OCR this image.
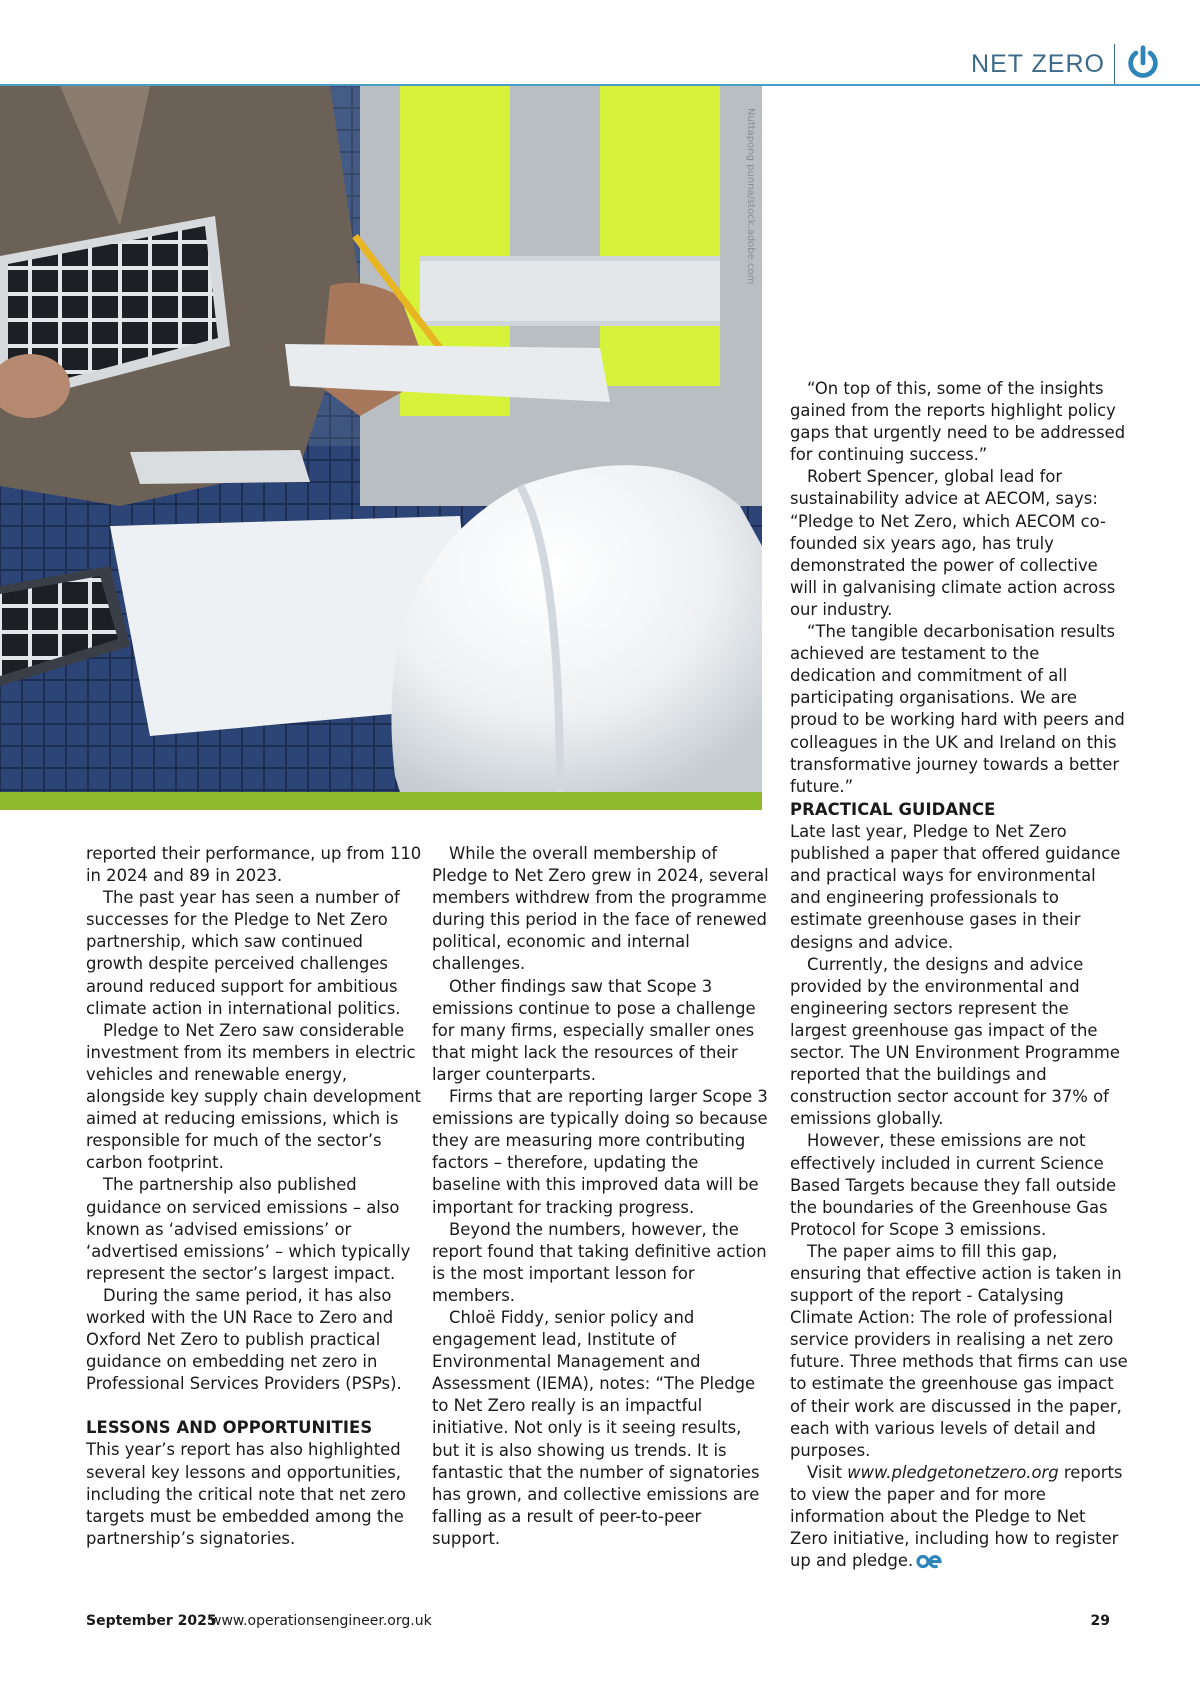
NET ZERO
Nuttapong punna/stock.adobe.com

reported their performance, up from 110 in 2024 and 89 in 2023.

The past year has seen a number of successes for the Pledge to Net Zero partnership, which saw continued growth despite perceived challenges around reduced support for ambitious climate action in international politics.

Pledge to Net Zero saw considerable investment from its members in electric vehicles and renewable energy, alongside key supply chain development aimed at reducing emissions, which is responsible for much of the sector’s carbon footprint.

The partnership also published guidance on serviced emissions – also known as ‘advised emissions’ or ‘advertised emissions’ – which typically represent the sector’s largest impact.

During the same period, it has also worked with the UN Race to Zero and Oxford Net Zero to publish practical guidance on embedding net zero in Professional Services Providers (PSPs).

LESSONS AND OPPORTUNITIES

This year’s report has also highlighted several key lessons and opportunities, including the critical note that net zero targets must be embedded among the partnership’s signatories.

While the overall membership of Pledge to Net Zero grew in 2024, several members withdrew from the programme during this period in the face of renewed political, economic and internal challenges.

Other findings saw that Scope 3 emissions continue to pose a challenge for many firms, especially smaller ones that might lack the resources of their larger counterparts.

Firms that are reporting larger Scope 3 emissions are typically doing so because they are measuring more contributing factors – therefore, updating the baseline with this improved data will be important for tracking progress.

Beyond the numbers, however, the report found that taking definitive action is the most important lesson for members.

Chloë Fiddy, senior policy and engagement lead, Institute of Environmental Management and Assessment (IEMA), notes: “The Pledge to Net Zero really is an impactful initiative. Not only is it seeing results, but it is also showing us trends. It is fantastic that the number of signatories has grown, and collective emissions are falling as a result of peer-to-peer support.

“On top of this, some of the insights gained from the reports highlight policy gaps that urgently need to be addressed for continuing success.”

Robert Spencer, global lead for sustainability advice at AECOM, says: “Pledge to Net Zero, which AECOM co-founded six years ago, has truly demonstrated the power of collective will in galvanising climate action across our industry.

“The tangible decarbonisation results achieved are testament to the dedication and commitment of all participating organisations. We are proud to be working hard with peers and colleagues in the UK and Ireland on this transformative journey towards a better future.”

PRACTICAL GUIDANCE

Late last year, Pledge to Net Zero published a paper that offered guidance and practical ways for environmental and engineering professionals to estimate greenhouse gases in their designs and advice.

Currently, the designs and advice provided by the environmental and engineering sectors represent the largest greenhouse gas impact of the sector. The UN Environment Programme reported that the buildings and construction sector account for 37% of emissions globally.

However, these emissions are not effectively included in current Science Based Targets because they fall outside the boundaries of the Greenhouse Gas Protocol for Scope 3 emissions.

The paper aims to fill this gap, ensuring that effective action is taken in support of the report - Catalysing Climate Action: The role of professional service providers in realising a net zero future. Three methods that firms can use to estimate the greenhouse gas impact of their work are discussed in the paper, each with various levels of detail and purposes.

Visit www.pledgetonetzero.org reports to view the paper and for more information about the Pledge to Net Zero initiative, including how to register up and pledge.

September 2025
www.operationsengineer.org.uk	29
